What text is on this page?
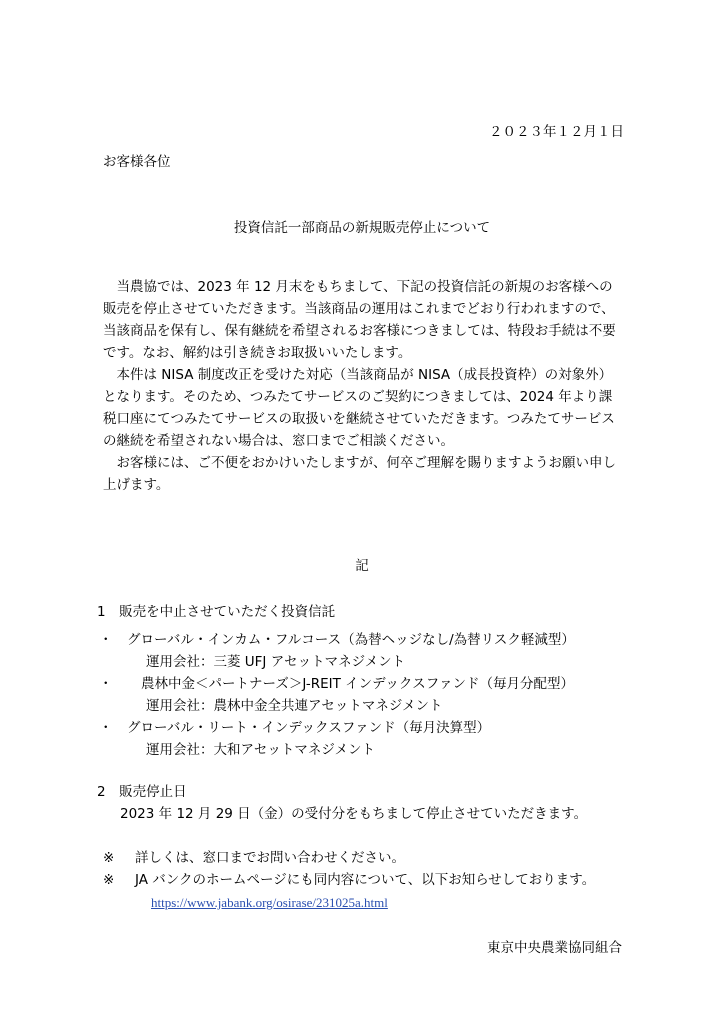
２０２３年１２月１日
お客様各位
投資信託一部商品の新規販売停止について

当農協では、2023 年 12 月末をもちまして、下記の投資信託の新規のお客様への販売を停止させていただきます。当該商品の運用はこれまでどおり行われますので、当該商品を保有し、保有継続を希望されるお客様につきましては、特段お手続は不要です。なお、解約は引き続きお取扱いいたします。

本件は NISA 制度改正を受けた対応（当該商品が NISA（成長投資枠）の対象外）となります。そのため、つみたてサービスのご契約につきましては、2024 年より課税口座にてつみたてサービスの取扱いを継続させていただきます。つみたてサービスの継続を希望されない場合は、窓口までご相談ください。

お客様には、ご不便をおかけいたしますが、何卒ご理解を賜りますようお願い申し上げます。

記
1　販売を中止させていただく投資信託
・ グローバル・インカム・フルコース（為替ヘッジなし/為替リスク軽減型）
運用会社：三菱 UFJ アセットマネジメント
・ 農林中金＜パートナーズ＞J-REIT インデックスファンド（毎月分配型）
運用会社：農林中金全共連アセットマネジメント
・ グローバル・リート・インデックスファンド（毎月決算型）
運用会社：大和アセットマネジメント
2　販売停止日
2023 年 12 月 29 日（金）の受付分をもちまして停止させていただきます。
※ 詳しくは、窓口までお問い合わせください。
※ JA バンクのホームページにも同内容について、以下お知らせしております。
https://www.jabank.org/osirase/231025a.html
東京中央農業協同組合
